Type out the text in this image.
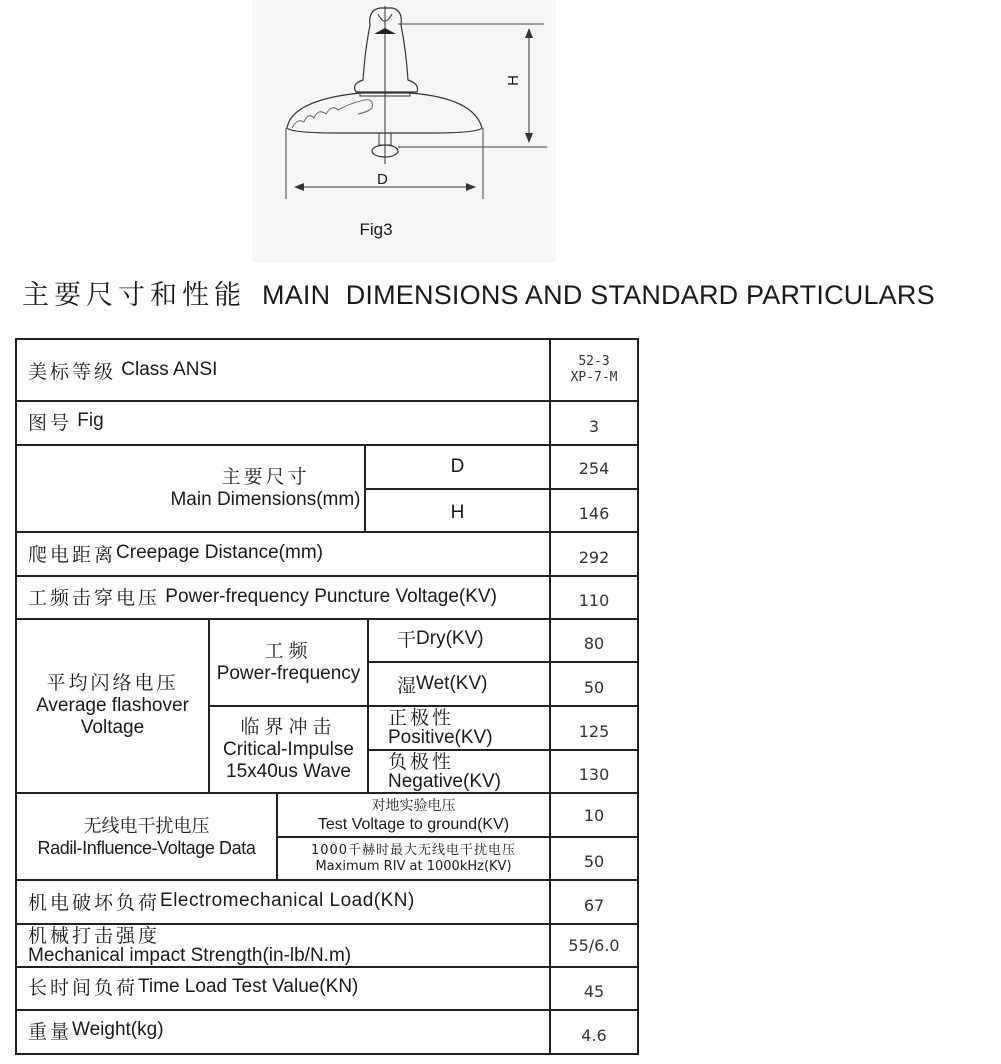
H
D
Fig3
主要尺寸和性能 MAIN  DIMENSIONS AND STANDARD PARTICULARS
美标等级 Class ANSI	52-3
XP-7-M
图号 Fig	3
主要尺寸
Main Dimensions(mm)
D	254
H	146
爬电距离 Creepage Distance(mm)	292
工频击穿电压 Power-frequency Puncture Voltage(KV)	110
平均闪络电压
Average flashover
Voltage
工频
Power-frequency
干 Dry(KV)	80
湿 Wet(KV)	50
临界冲击
Critical-Impulse
15x40us Wave
正极性
Positive(KV)	125
负极性
Negative(KV)	130
无线电干扰电压
Radil-Influence-Voltage Data
对地实验电压
Test Voltage to ground(KV)	10
1000千赫时最大无线电干扰电压
Maximum RIV at 1000kHz(KV)	50
机电破坏负荷 Electromechanical Load(KN)	67
机械打击强度
Mechanical impact Strength(in-lb/N.m)	55/6.0
长时间负荷 Time Load Test Value(KN)	45
重量 Weight(kg)	4.6
